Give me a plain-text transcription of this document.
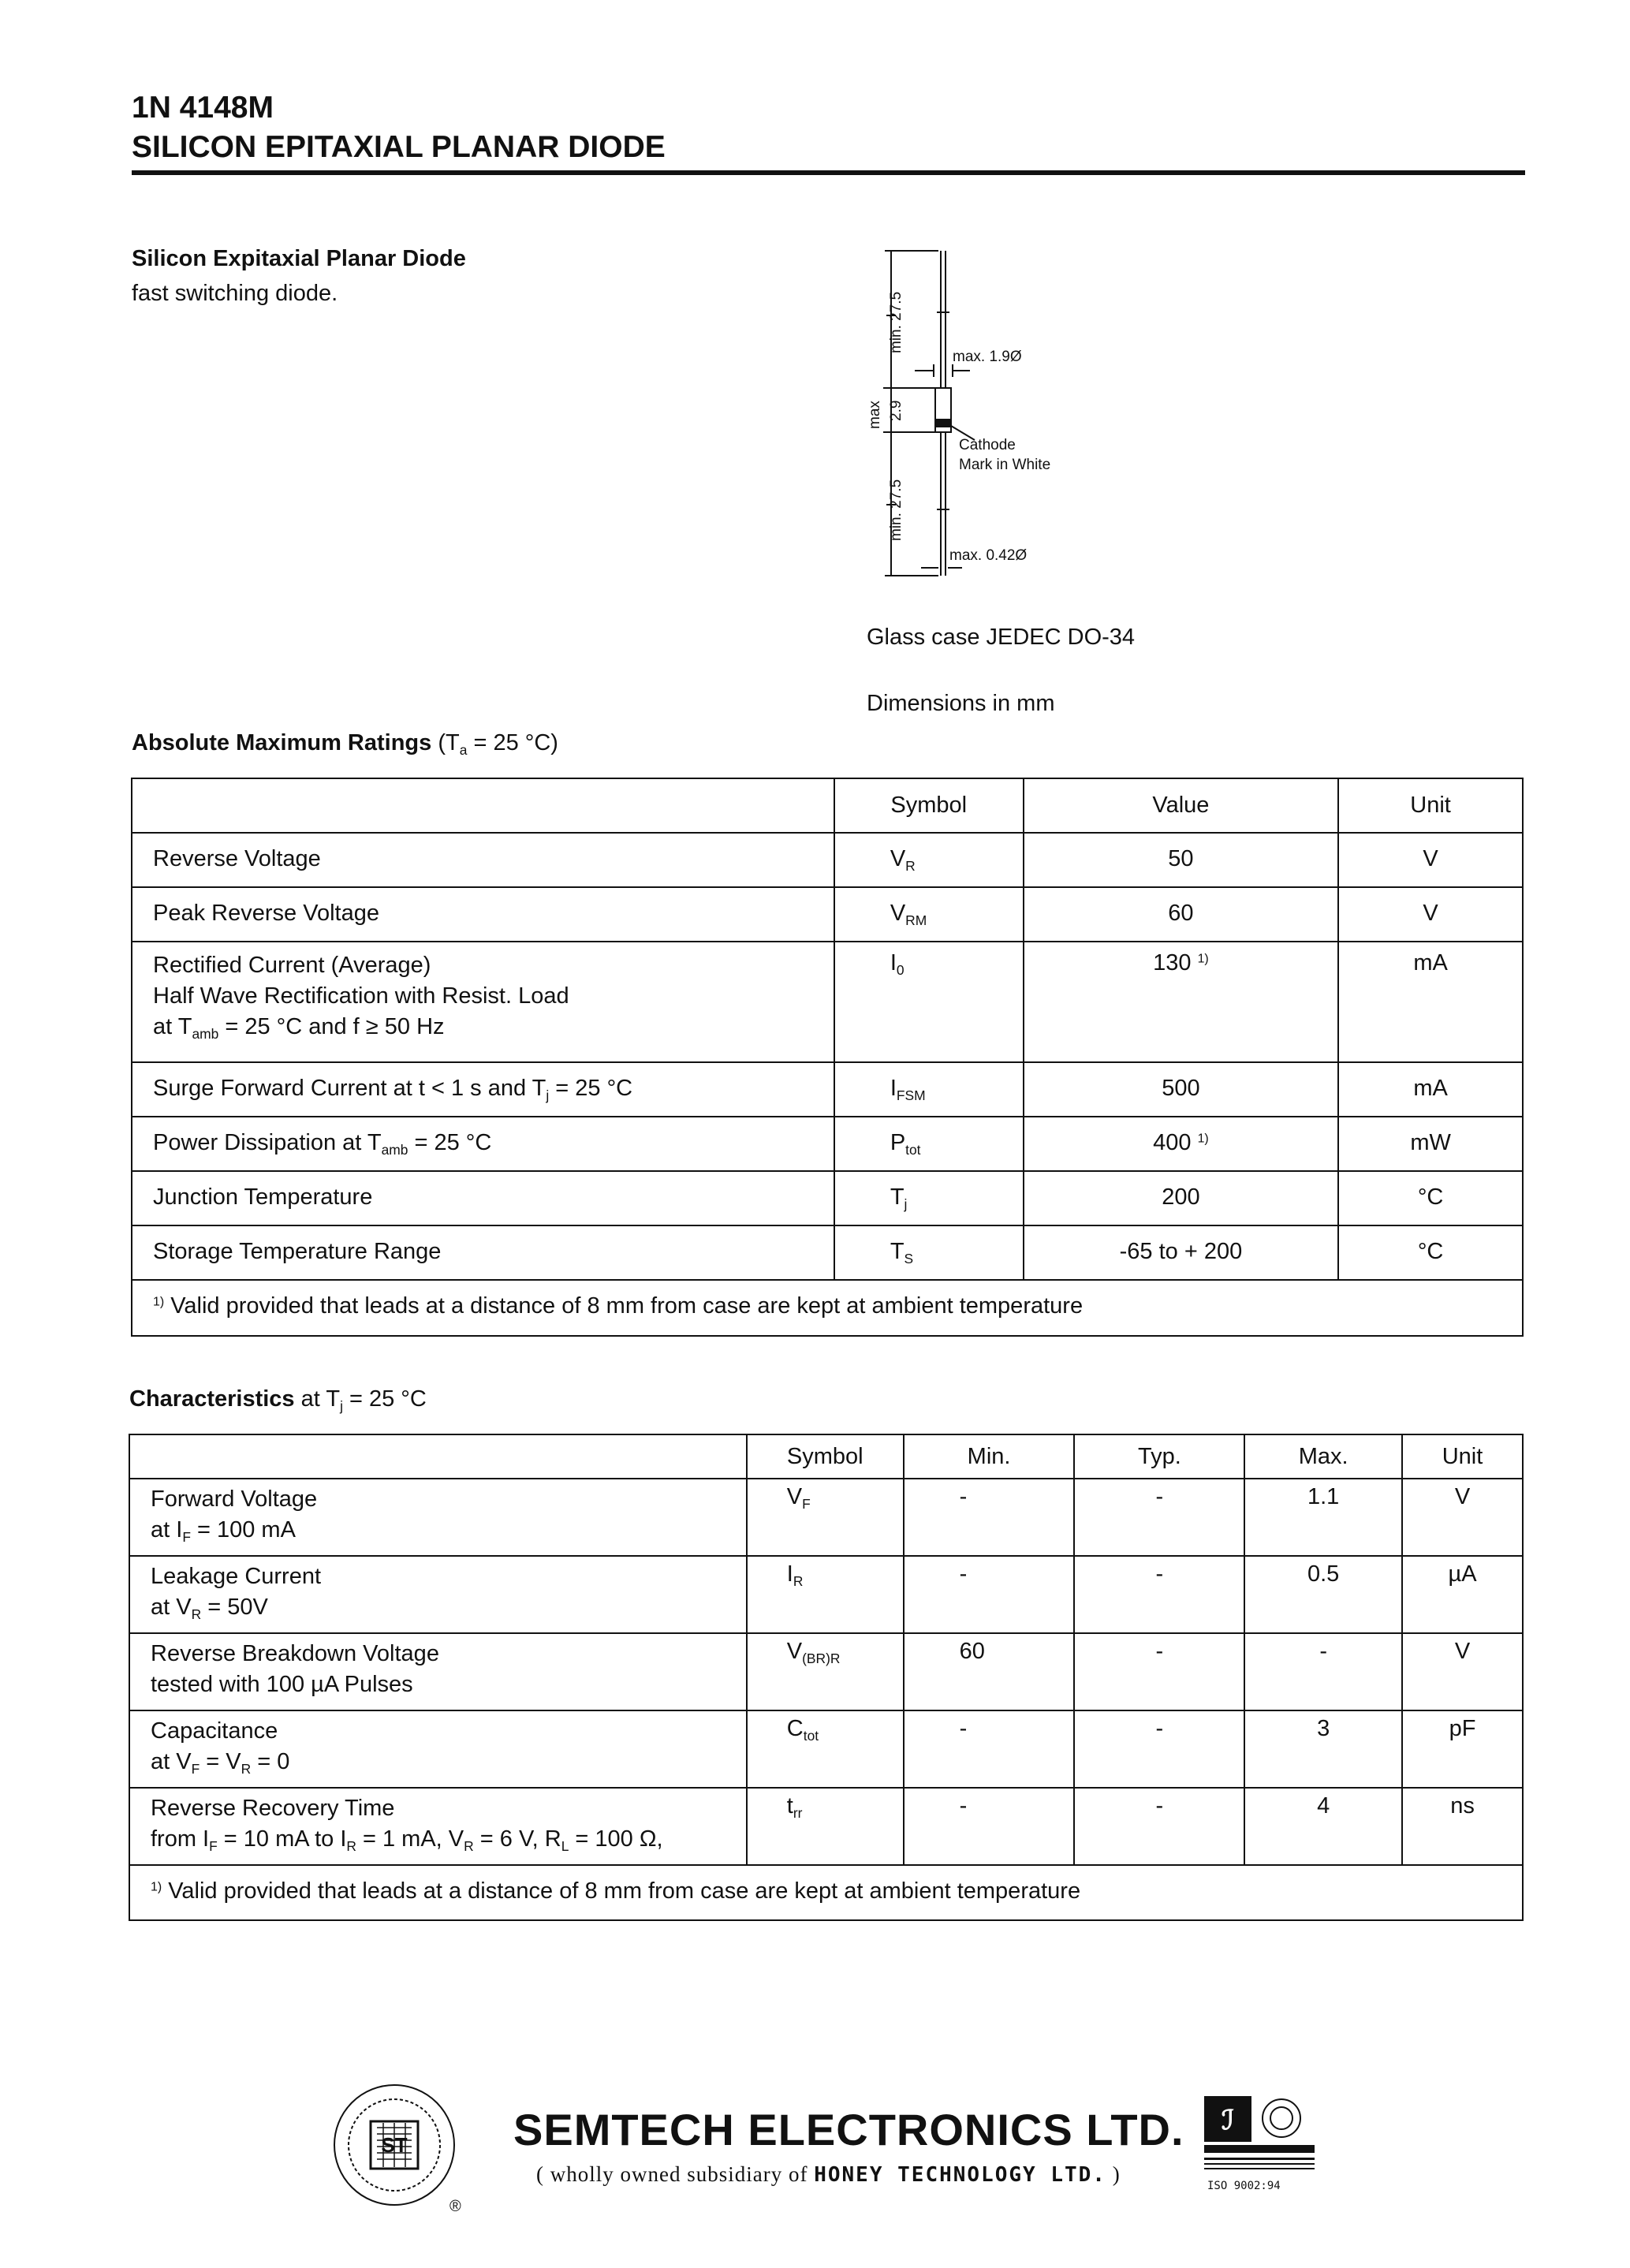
1N 4148M
SILICON EPITAXIAL PLANAR DIODE
Silicon Expitaxial Planar Diode
fast switching diode.	min. 27.5
max 2.9
min. 27.5
max. 1.9Ø
Cathode
Mark in White
max. 0.42Ø
Glass case JEDEC DO-34
Dimensions in mm
Absolute Maximum Ratings ($T_a = 25$ °C)
	Symbol	Value	Unit
Reverse Voltage	$V_R$	50	V
Peak Reverse Voltage	$V_{RM}$	60	V

Rectified Current (Average)
Half Wave Rectification with Resist. Load
at $T_{amb} = 25$ °C and f ≥ 50 Hz	$I_0$	130 $^{1)}$	mA
Surge Forward Current at t < 1 s and $T_j = 25$ °C	$I_{FSM}$	500	mA
Power Dissipation at $T_{amb} = 25$ °C	$P_{tot}$	400 $^{1)}$	mW
Junction Temperature	$T_j$	200	°C
Storage Temperature Range	$T_S$	-65 to + 200	°C
$^{1)}$ Valid provided that leads at a distance of 8 mm from case are kept at ambient temperature			
Characteristics at $T_j = 25$ °C
	Symbol	Min.	Typ.	Max.	Unit

Forward Voltage
at $I_F = 100$ mA	$V_F$	-	-	1.1	V

Leakage Current
at $V_R = 50V$	$I_R$	-	-	0.5	µA

Reverse Breakdown Voltage
tested with 100 µA Pulses	$V_{(BR)R}$	60	-	-	V

Capacitance
at $V_F = V_R = 0$	$C_{tot}$	-	-	3	pF

Reverse Recovery Time
from $I_F = 10$ mA to $I_R = 1$ mA, $V_R = 6$ V, $R_L = 100$ Ω,	$t_{rr}$	-	-	4	ns
$^{1)}$ Valid provided that leads at a distance of 8 mm from case are kept at ambient temperature					
ST
®
SEMTECH ELECTRONICS LTD.
( wholly owned subsidiary of HONEY TECHNOLOGY LTD. )
ℐ
ISO 9002:94
